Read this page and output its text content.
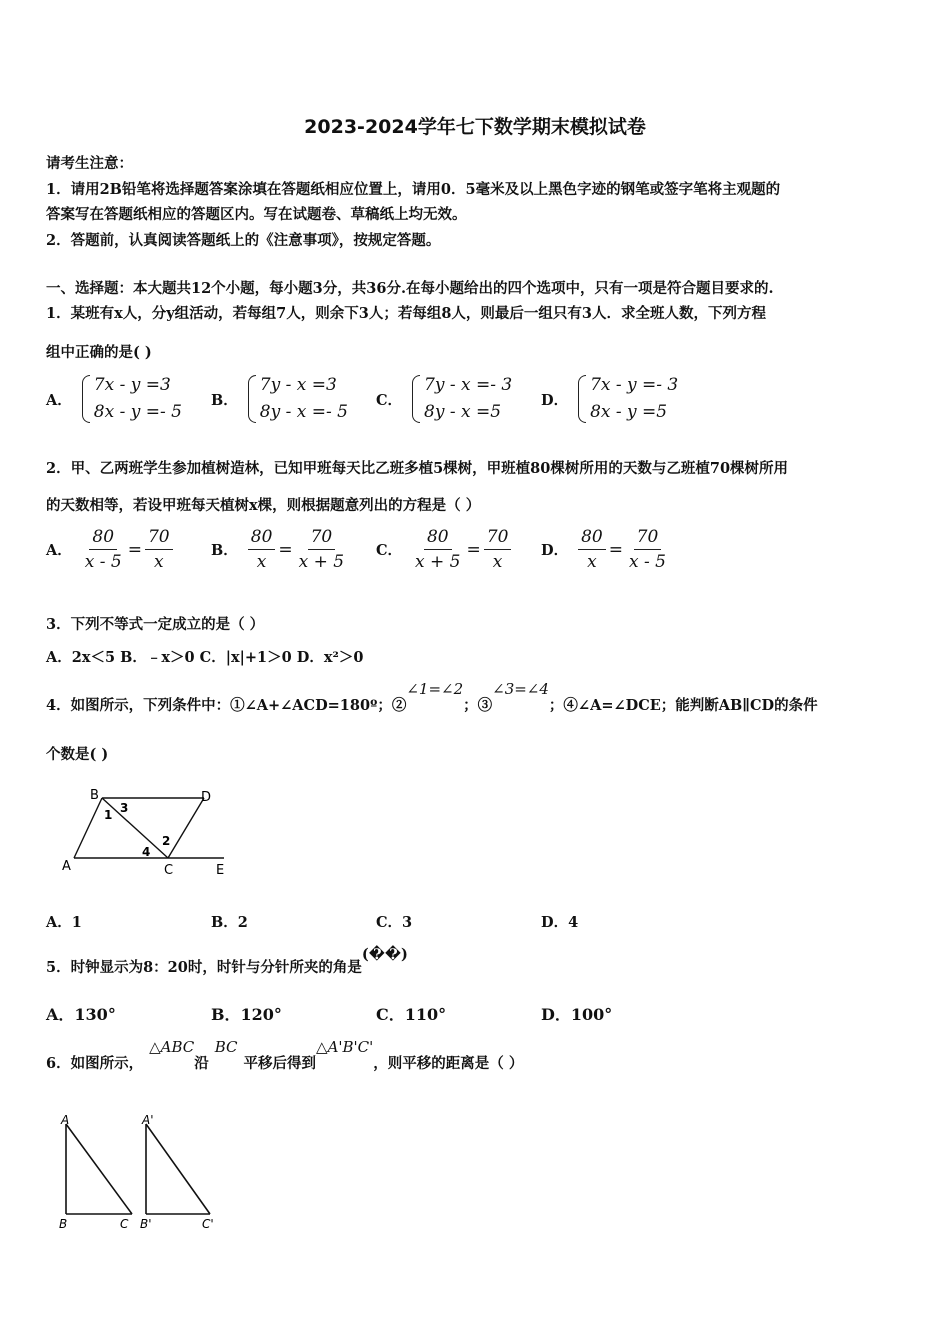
2023-2024学年七下数学期末模拟试卷
请考生注意：
1．请用2B铅笔将选择题答案涂填在答题纸相应位置上，请用0．5毫米及以上黑色字迹的钢笔或签字笔将主观题的
答案写在答题纸相应的答题区内。写在试题卷、草稿纸上均无效。
2．答题前，认真阅读答题纸上的《注意事项》，按规定答题。
一、选择题：本大题共12个小题，每小题3分，共36分.在每小题给出的四个选项中，只有一项是符合题目要求的.
1．某班有x人，分y组活动，若每组7人，则余下3人；若每组8人，则最后一组只有3人．求全班人数，下列方程
组中正确的是( )
A．
7x - y =3
8x - y =- 5
B．
7y - x =3
8y - x =- 5
C．
7y - x =- 3
8y - x =5
D．
7x - y =- 3
8x - y =5
2．甲、乙两班学生参加植树造林，已知甲班每天比乙班多植5棵树，甲班植80棵树所用的天数与乙班植70棵树所用
的天数相等，若设甲班每天植树x棵，则根据题意列出的方程是（ ）
A． $\frac{80}{x - 5} = \frac{70}{x}$	B． $\frac{80}{x} = \frac{70}{x + 5}$ C． $\frac{80}{x + 5} = \frac{70}{x}$ D． $\frac{80}{x} = \frac{70}{x - 5}$
3．下列不等式一定成立的是（ ）
A．2x＜5 B．﹣x＞0 C．|x|+1＞0 D．x²＞0
4．如图所示，下列条件中：①∠A+∠ACD=180º；②
∠1=∠2
；③
∠3=∠4
；④∠A=∠DCE；能判断AB∥CD的条件
个数是( )
B	D
A	C	E
1 3
2
4
A．1	B．2	C．3	D．4
5．时钟显示为8：20时，时针与分针所夹的角是
(��)
A．130°	B．120°	C．110°	D．100°
6．如图所示，
△ABC
沿
BC
平移后得到
△A'B'C'
，则平移的距离是（ ）
A
B	C
A'
B'	C'
